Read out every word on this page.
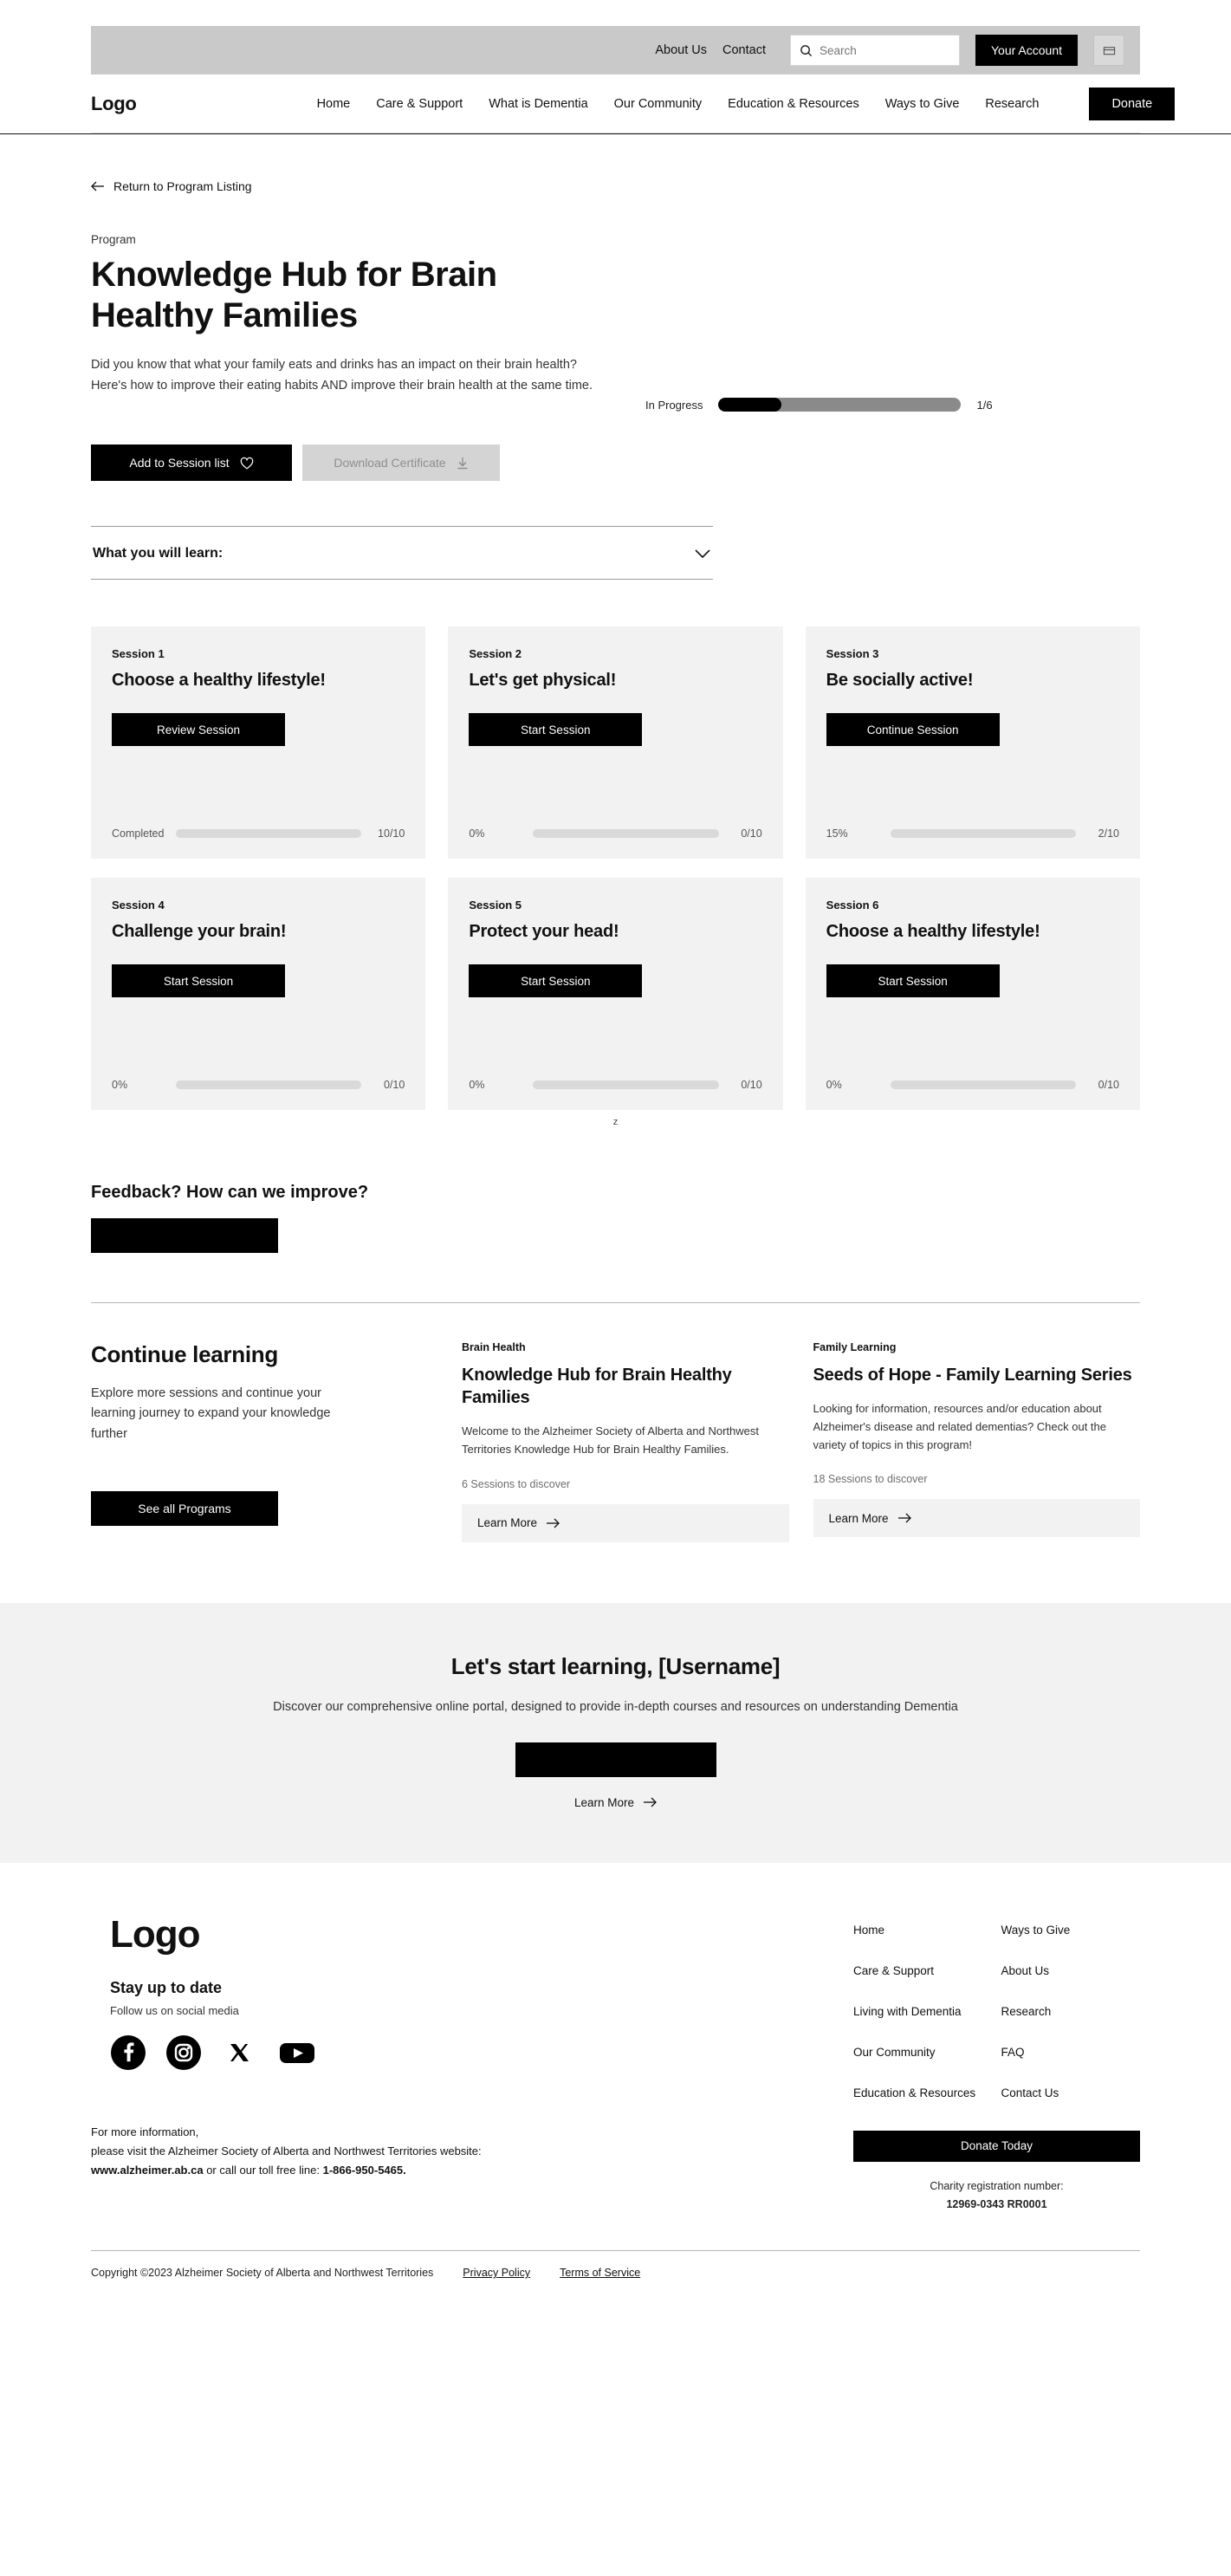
About Us Contact
Search	Your Account
Logo	Home Care & Support What is Dementia Our Community Education & Resources Ways to Give Research	Donate
Return to Program Listing
Program
Knowledge Hub for Brain Healthy Families

Did you know that what your family eats and drinks has an impact on their brain health? Here's how to improve their eating habits AND improve their brain health at the same time.

In Progress	1/6
Add to Session list	Download Certificate
What you will learn:
Session 1
Choose a healthy lifestyle!
Review Session
Completed	10/10
Session 2
Let's get physical!
Start Session
0%	0/10
Session 3
Be socially active!
Continue Session
15%	2/10
Session 4
Challenge your brain!
Start Session
0%	0/10
Session 5
Protect your head!
Start Session
0%	0/10
Session 6
Choose a healthy lifestyle!
Start Session
0%	0/10
z
Feedback? How can we improve?
Continue learning
Explore more sessions and continue your learning journey to expand your knowledge further
See all Programs
Brain Health
Knowledge Hub for Brain Healthy Families
Welcome to the Alzheimer Society of Alberta and Northwest Territories Knowledge Hub for Brain Healthy Families.
6 Sessions to discover
Learn More
Family Learning
Seeds of Hope - Family Learning Series
Looking for information, resources and/or education about Alzheimer's disease and related dementias? Check out the variety of topics in this program!
18 Sessions to discover
Learn More
Let's start learning, [Username]
Discover our comprehensive online portal, designed to provide in-depth courses and resources on understanding Dementia
Learn More
Logo
Stay up to date
Follow us on social media
For more information,
please visit the Alzheimer Society of Alberta and Northwest Territories website:
www.alzheimer.ab.ca or call our toll free line: 1-866-950-5465.
Home	Ways to Give
Care & Support	About Us
Living with Dementia	Research
Our Community	FAQ
Education & Resources	Contact Us
Donate Today
Charity registration number:
12969-0343 RR0001
Copyright ©2023 Alzheimer Society of Alberta and Northwest Territories	Privacy Policy	Terms of Service
